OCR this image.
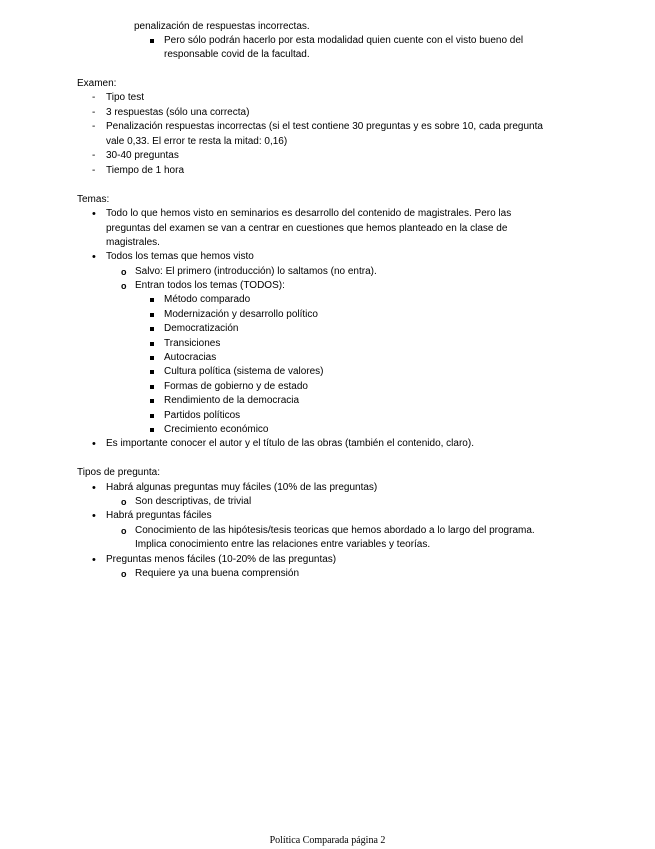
penalización de respuestas incorrectas.
Pero sólo podrán hacerlo por esta modalidad quien cuente con el visto bueno del
responsable covid de la facultad.
Examen:
- Tipo test
- 3 respuestas (sólo una correcta)
- Penalización respuestas incorrectas (si el test contiene 30 preguntas y es sobre 10, cada pregunta
vale 0,33. El error te resta la mitad: 0,16)
- 30-40 preguntas
- Tiempo de 1 hora
Temas:
• Todo lo que hemos visto en seminarios es desarrollo del contenido de magistrales. Pero las
preguntas del examen se van a centrar en cuestiones que hemos planteado en la clase de
magistrales.
• Todos los temas que hemos visto
o Salvo: El primero (introducción) lo saltamos (no entra).
o Entran todos los temas (TODOS):
Método comparado
Modernización y desarrollo político
Democratización
Transiciones
Autocracias
Cultura política (sistema de valores)
Formas de gobierno y de estado
Rendimiento de la democracia
Partidos políticos
Crecimiento económico
• Es importante conocer el autor y el título de las obras (también el contenido, claro).
Tipos de pregunta:
• Habrá algunas preguntas muy fáciles (10% de las preguntas)
o Son descriptivas, de trivial
• Habrá preguntas fáciles
o Conocimiento de las hipótesis/tesis teoricas que hemos abordado a lo largo del programa.
Implica conocimiento entre las relaciones entre variables y teorías.
• Preguntas menos fáciles (10-20% de las preguntas)
o Requiere ya una buena comprensión
Política Comparada página 2
